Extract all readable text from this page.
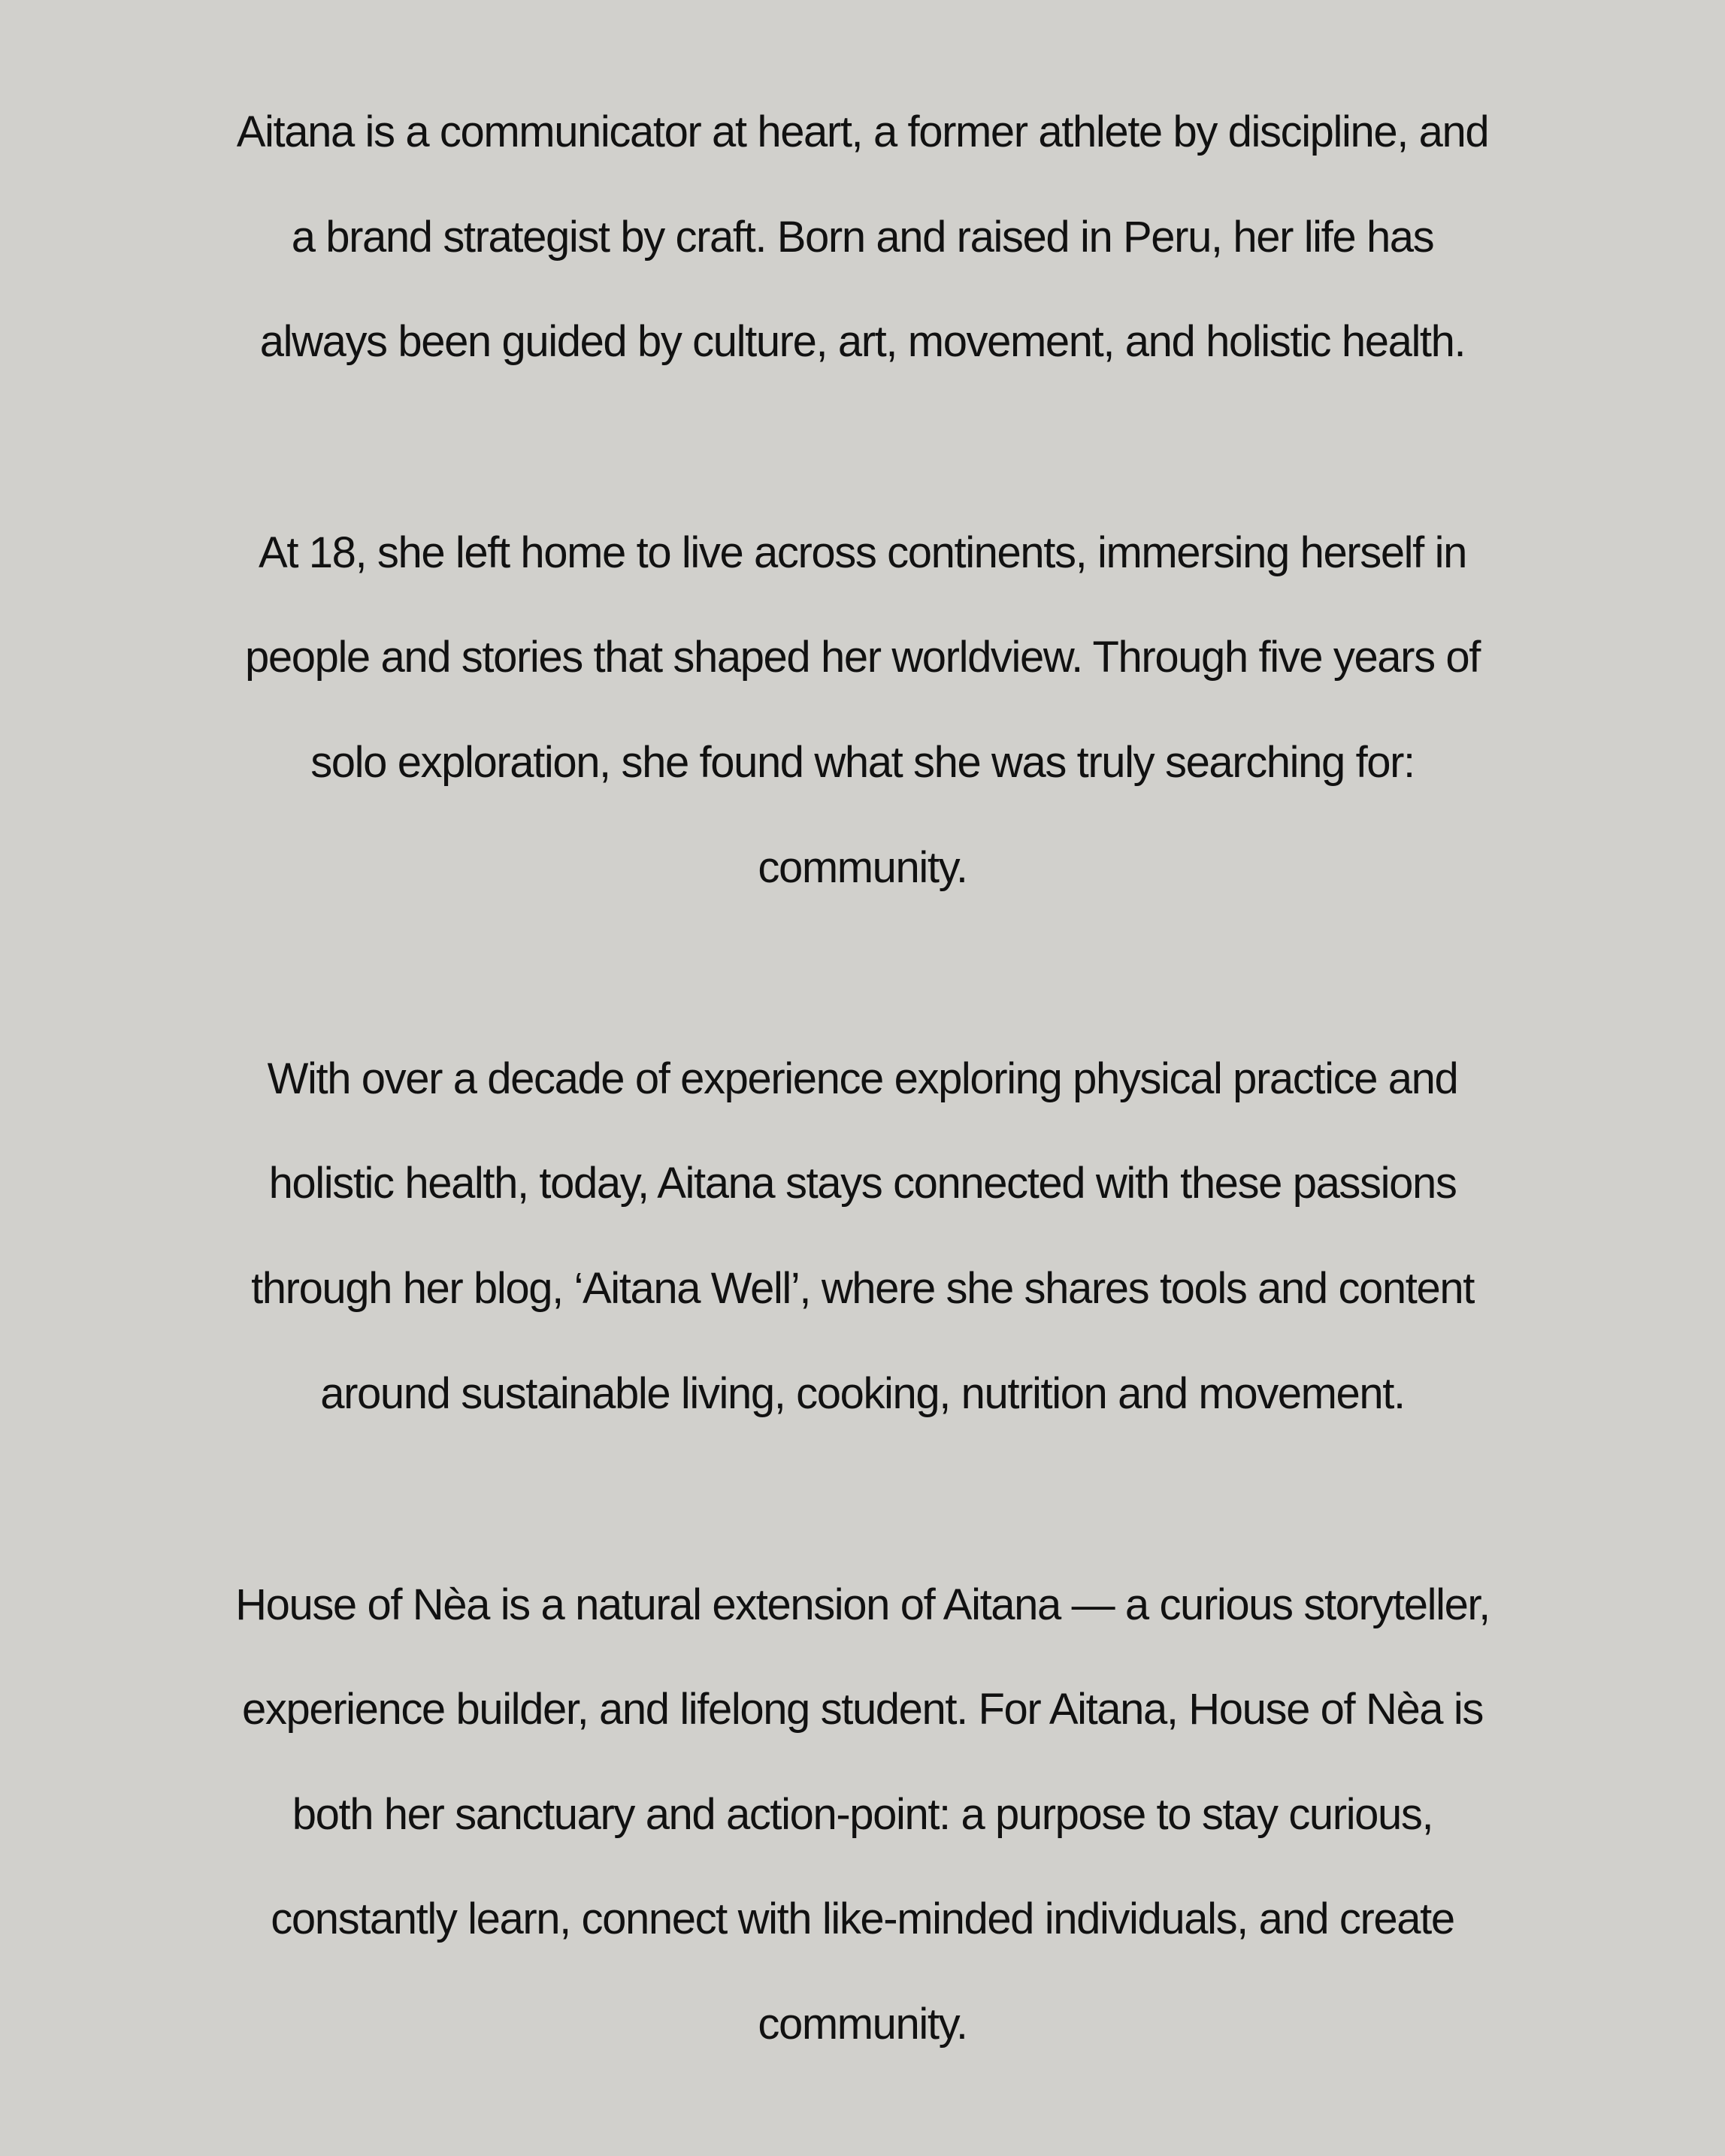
Aitana is a communicator at heart, a former athlete by discipline, and
a brand strategist by craft. Born and raised in Peru, her life has
always been guided by culture, art, movement, and holistic health.
At 18, she left home to live across continents, immersing herself in
people and stories that shaped her worldview. Through five years of
solo exploration, she found what she was truly searching for:
community.
With over a decade of experience exploring physical practice and
holistic health, today, Aitana stays connected with these passions
through her blog, ‘Aitana Well’, where she shares tools and content
around sustainable living, cooking, nutrition and movement.
House of Nèa is a natural extension of Aitana — a curious storyteller,
experience builder, and lifelong student. For Aitana, House of Nèa is
both her sanctuary and action-point: a purpose to stay curious,
constantly learn, connect with like-minded individuals, and create
community.
